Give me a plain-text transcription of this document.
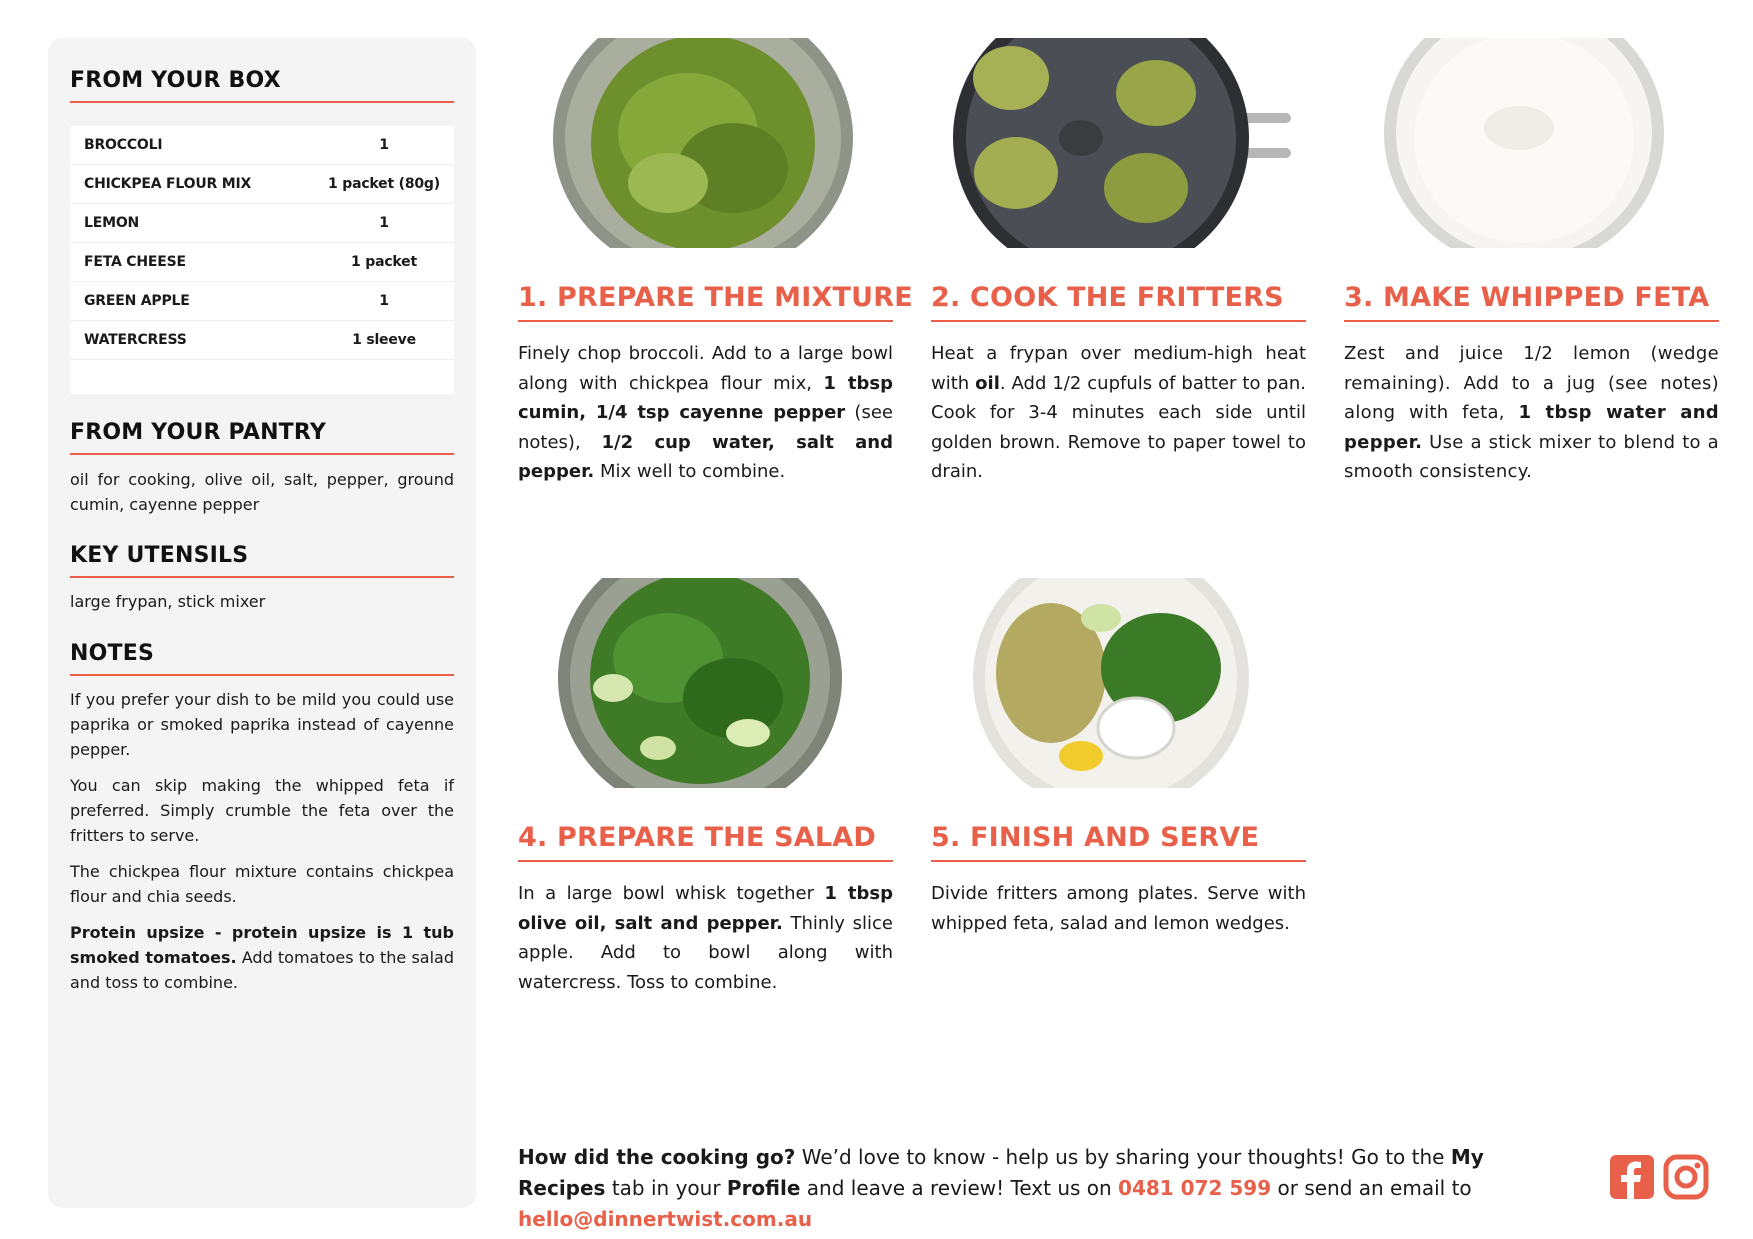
FROM YOUR BOX
BROCCOLI	1
CHICKPEA FLOUR MIX	1 packet (80g)
LEMON	1
FETA CHEESE	1 packet
GREEN APPLE	1
WATERCRESS	1 sleeve
FROM YOUR PANTRY

oil for cooking, olive oil, salt, pepper, ground cumin, cayenne pepper

KEY UTENSILS

large frypan, stick mixer

NOTES

If you prefer your dish to be mild you could use paprika or smoked paprika instead of cayenne pepper.

You can skip making the whipped feta if preferred. Simply crumble the feta over the fritters to serve.

The chickpea flour mixture contains chickpea flour and chia seeds.

Protein upsize - protein upsize is 1 tub smoked tomatoes. Add tomatoes to the salad and toss to combine.

1. PREPARE THE MIXTURE

Finely chop broccoli. Add to a large bowl along with chickpea flour mix, 1 tbsp cumin, 1/4 tsp cayenne pepper (see notes), 1/2 cup water, salt and pepper. Mix well to combine.

2. COOK THE FRITTERS

Heat a frypan over medium-high heat with oil. Add 1/2 cupfuls of batter to pan. Cook for 3-4 minutes each side until golden brown. Remove to paper towel to drain.

3. MAKE WHIPPED FETA

Zest and juice 1/2 lemon (wedge remaining). Add to a jug (see notes) along with feta, 1 tbsp water and pepper. Use a stick mixer to blend to a smooth consistency.

4. PREPARE THE SALAD

In a large bowl whisk together 1 tbsp olive oil, salt and pepper. Thinly slice apple. Add to bowl along with watercress. Toss to combine.

5. FINISH AND SERVE

Divide fritters among plates. Serve with whipped feta, salad and lemon wedges.

How did the cooking go? We’d love to know - help us by sharing your thoughts! Go to the My Recipes tab in your Profile and leave a review! Text us on 0481 072 599 or send an email to hello@dinnertwist.com.au
